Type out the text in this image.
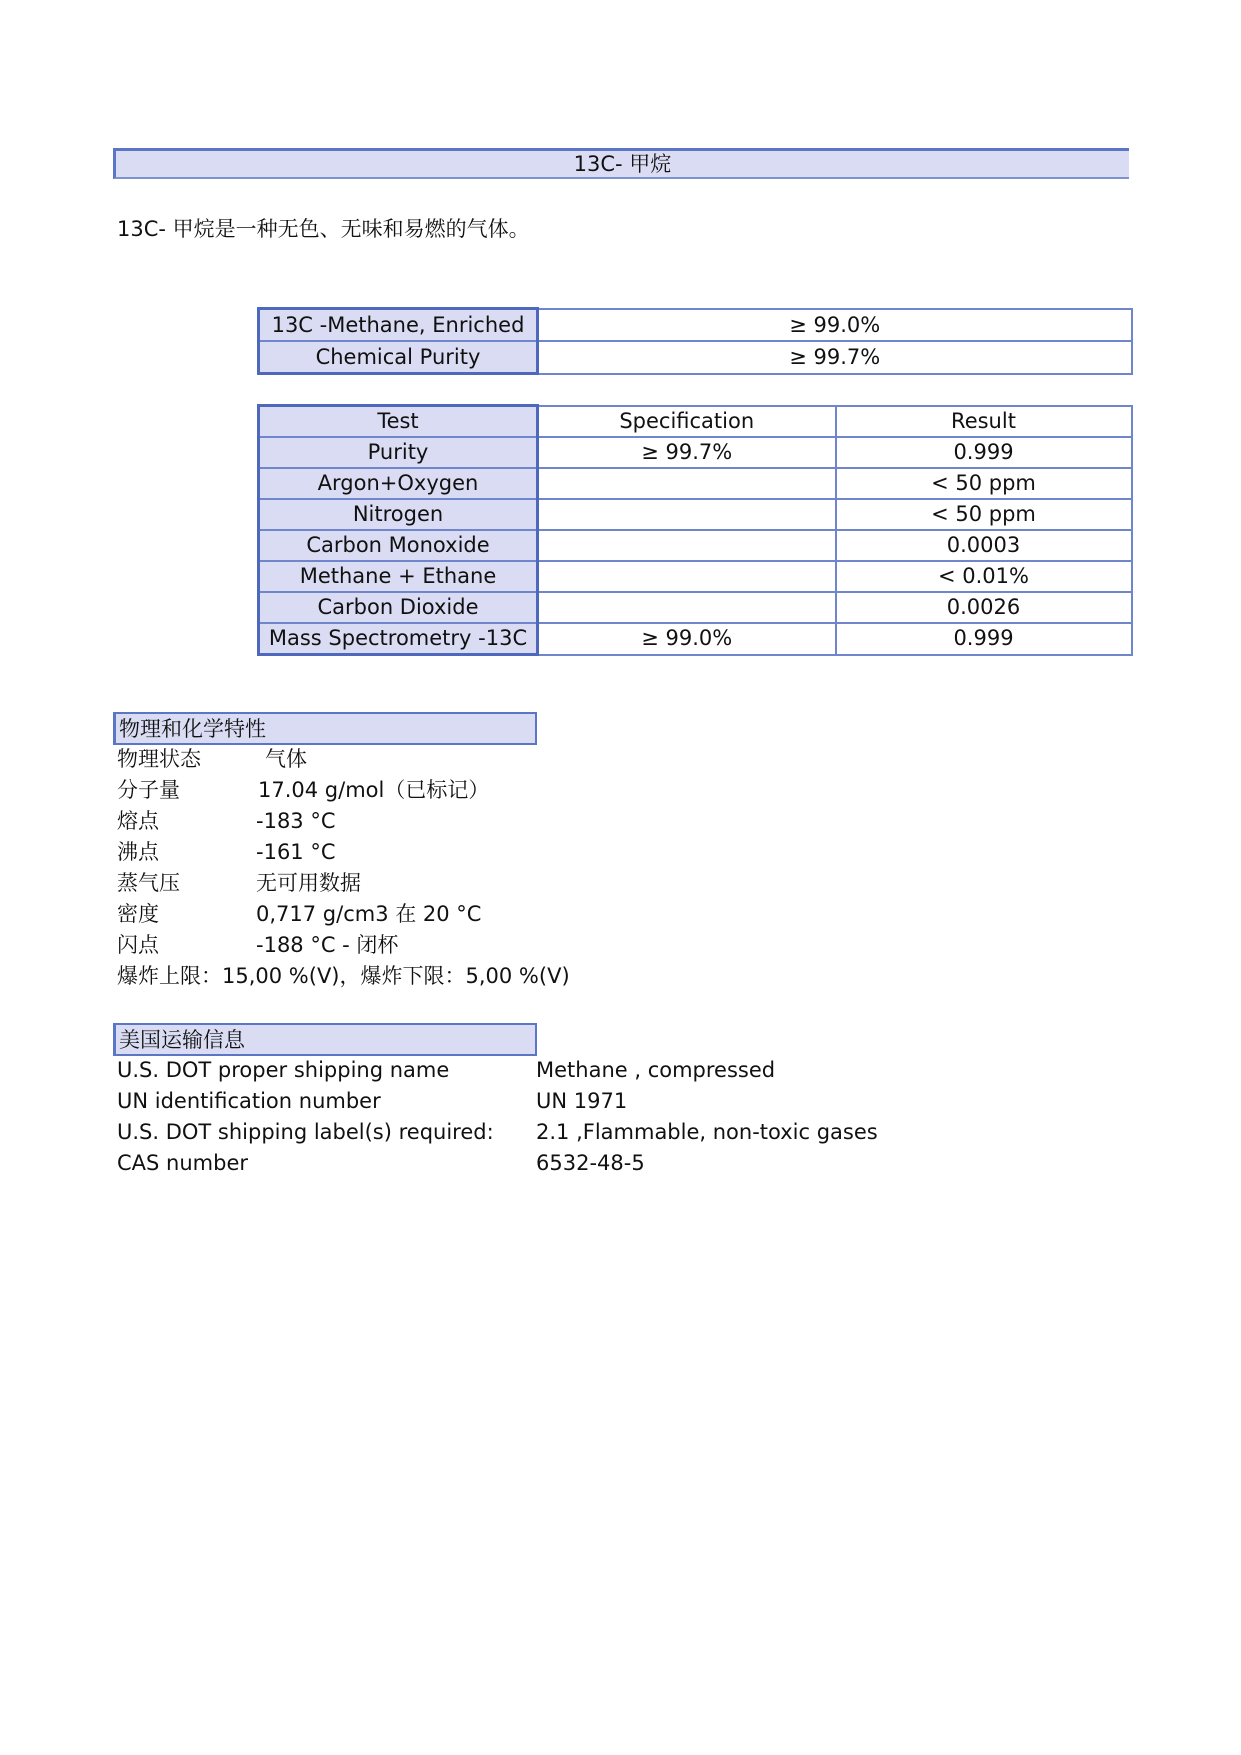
13C- 甲烷
13C- 甲烷是一种无色、无味和易燃的气体。
13C -Methane, Enriched	≥ 99.0%
Chemical Purity	≥ 99.7%
Test	Specification	Result
Purity	≥ 99.7%	0.999
Argon+Oxygen		< 50 ppm
Nitrogen		< 50 ppm
Carbon Monoxide		0.0003
Methane + Ethane		< 0.01%
Carbon Dioxide		0.0026
Mass Spectrometry -13C	≥ 99.0%	0.999
物理和化学特性
物理状态	气体
分子量	17.04 g/mol（已标记）
熔点	-183 °C
沸点	-161 °C
蒸气压	无可用数据
密度	0,717 g/cm3 在 20 °C
闪点	-188 °C - 闭杯
爆炸上限：15,00 %(V)，爆炸下限：5,00 %(V)
美国运输信息
U.S. DOT proper shipping name	Methane , compressed
UN identification number	UN 1971
U.S. DOT shipping label(s) required: 2.1 ,Flammable, non-toxic gases
CAS number	6532-48-5
